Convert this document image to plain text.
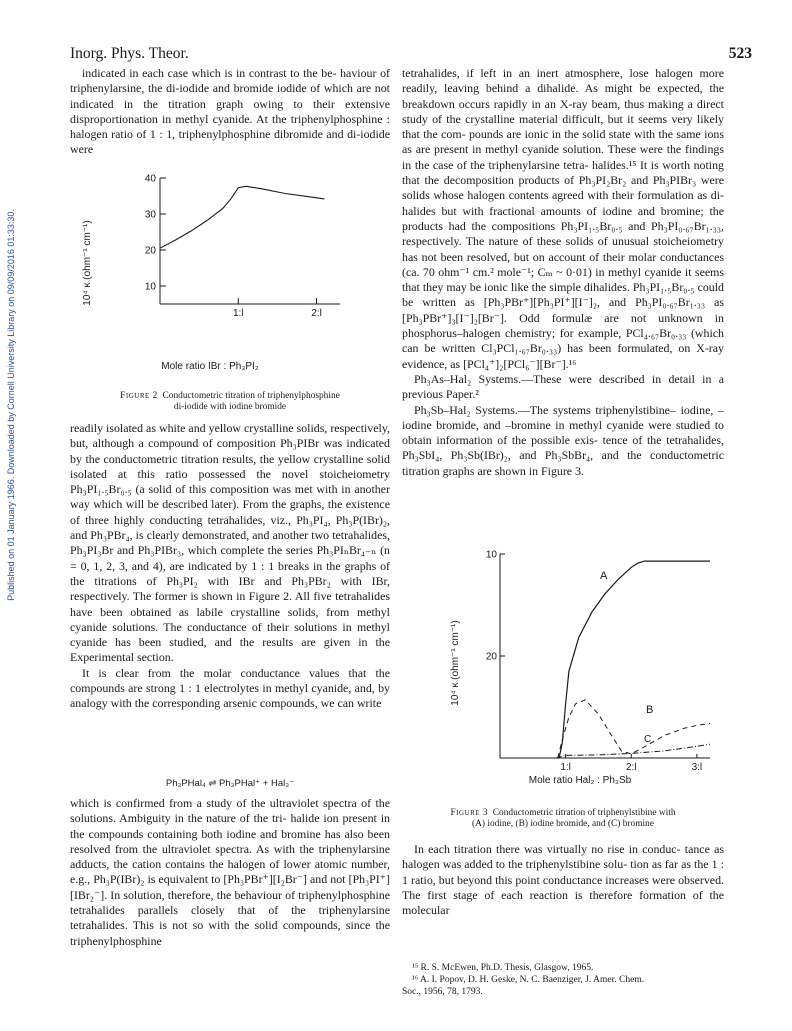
Published on 01 January 1966. Downloaded by Cornell University Library on 09/09/2016 01:33:30.
Inorg. Phys. Theor.	523

indicated in each case which is in contrast to the be- haviour of triphenylarsine, the di-iodide and bromide iodide of which are not indicated in the titration graph owing to their extensive disproportionation in methyl cyanide. At the triphenylphosphine : halogen ratio of 1 : 1, triphenylphosphine dibromide and di-iodide were

10
20
30
40
1:l	2:l
10⁴ κ (ohm⁻¹ cm⁻¹)
Mole ratio IBr : Ph₃PI₂
Figure 2 Conductometric titration of triphenylphosphine
di-iodide with iodine bromide

readily isolated as white and yellow crystalline solids, respectively, but, although a compound of composition Ph₃PIBr was indicated by the conductometric titration results, the yellow crystalline solid isolated at this ratio possessed the novel stoicheiometry Ph₃PI₁.₅Br₀.₅ (a solid of this composition was met with in another way which will be described later). From the graphs, the existence of three highly conducting tetrahalides, viz., Ph₃PI₄, Ph₃P(IBr)₂, and Ph₃PBr₄, is clearly demonstrated, and another two tetrahalides, Ph₃PI₃Br and Ph₃PIBr₃, which complete the series Ph₃PIₙBr₄₋ₙ (n = 0, 1, 2, 3, and 4), are indicated by 1 : 1 breaks in the graphs of the titrations of Ph₃PI₂ with IBr and Ph₃PBr₂ with IBr, respectively. The former is shown in Figure 2. All five tetrahalides have been obtained as labile crystalline solids, from methyl cyanide solutions. The conductance of their solutions in methyl cyanide has been studied, and the results are given in the Experimental section.

It is clear from the molar conductance values that the compounds are strong 1 : 1 electrolytes in methyl cyanide, and, by analogy with the corresponding arsenic compounds, we can write

Ph₃PHal₄ ⇌ Ph₃PHal⁺ + Hal₃⁻

which is confirmed from a study of the ultraviolet spectra of the solutions. Ambiguity in the nature of the tri- halide ion present in the compounds containing both iodine and bromine has also been resolved from the ultraviolet spectra. As with the triphenylarsine adducts, the cation contains the halogen of lower atomic number, e.g., Ph₃P(IBr)₂ is equivalent to [Ph₃PBr⁺][I₂Br⁻] and not [Ph₃PI⁺][IBr₂⁻]. In solution, therefore, the behaviour of triphenylphosphine tetrahalides parallels closely that of the triphenylarsine tetrahalides. This is not so with the solid compounds, since the triphenylphosphine

tetrahalides, if left in an inert atmosphere, lose halogen more readily, leaving behind a dihalide. As might be expected, the breakdown occurs rapidly in an X-ray beam, thus making a direct study of the crystalline material difficult, but it seems very likely that the com- pounds are ionic in the solid state with the same ions as are present in methyl cyanide solution. These were the findings in the case of the triphenylarsine tetra- halides.¹⁵ It is worth noting that the decomposition products of Ph₃PI₂Br₂ and Ph₃PIBr₃ were solids whose halogen contents agreed with their formulation as di- halides but with fractional amounts of iodine and bromine; the products had the compositions Ph₃PI₁.₅Br₀.₅ and Ph₃PI₀.₆₇Br₁.₃₃, respectively. The nature of these solids of unusual stoicheiometry has not been resolved, but on account of their molar conductances (ca. 70 ohm⁻¹ cm.² mole⁻¹; Cₘ ~ 0·01) in methyl cyanide it seems that they may be ionic like the simple dihalides. Ph₃PI₁.₅Br₀.₅ could be written as [Ph₃PBr⁺][Ph₃PI⁺][I⁻]₂, and Ph₃PI₀.₆₇Br₁.₃₃ as [Ph₃PBr⁺]₃[I⁻]₂[Br⁻]. Odd formulæ are not unknown in phosphorus–halogen chemistry; for example, PCl₄.₆₇Br₀.₃₃ (which can be written Cl₃PCl₁.₆₇Br₀.₃₃) has been formulated, on X-ray evidence, as [PCl₄⁺]₂[PCl₆⁻][Br⁻].¹⁶

Ph₃As–Hal₂ Systems.—These were described in detail in a previous Paper.²

Ph₃Sb–Hal₂ Systems.—The systems triphenylstibine– iodine, –iodine bromide, and –bromine in methyl cyanide were studied to obtain information of the possible exis- tence of the tetrahalides, Ph₃SbI₄, Ph₃Sb(IBr)₂, and Ph₃SbBr₄, and the conductometric titration graphs are shown in Figure 3.

20
10
1:l	2:l	3:l
A
B
C
10⁴ κ (ohm⁻¹ cm⁻¹)
Mole ratio Hal₂ : Ph₃Sb
Figure 3 Conductometric titration of triphenylstibine with
(A) iodine, (B) iodine bromide, and (C) bromine

In each titration there was virtually no rise in conduc- tance as halogen was added to the triphenylstibine solu- tion as far as the 1 : 1 ratio, but beyond this point conductance increases were observed. The first stage of each reaction is therefore formation of the molecular

¹⁵ R. S. McEwen, Ph.D. Thesis, Glasgow, 1965.

¹⁶ A. I. Popov, D. H. Geske, N. C. Baenziger, J. Amer. Chem.
Soc., 1956, 78, 1793.
